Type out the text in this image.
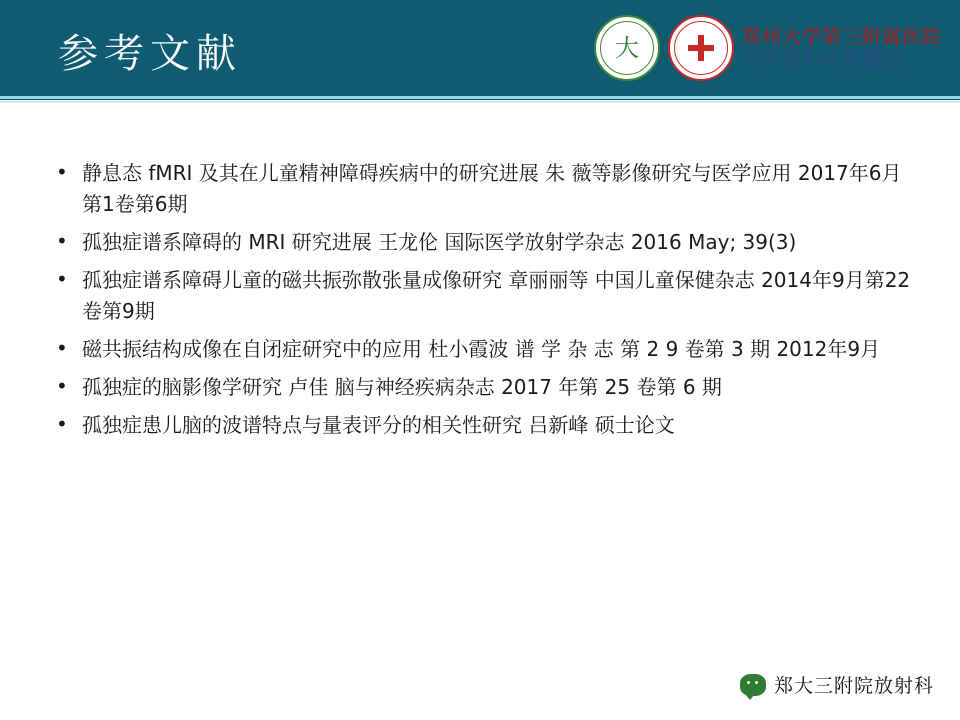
参考文献	大	郑州大学第三附属医院
河南省妇幼保健院
• 静息态 fMRI 及其在儿童精神障碍疾病中的研究进展 朱 薇等影像研究与医学应用 2017年6月 第1卷第6期
• 孤独症谱系障碍的 MRI 研究进展 王龙伦 国际医学放射学杂志 2016 May; 39(3)
• 孤独症谱系障碍儿童的磁共振弥散张量成像研究 章丽丽等 中国儿童保健杂志 2014年9月第22卷第9期
• 磁共振结构成像在自闭症研究中的应用 杜小霞波 谱 学 杂 志 第 2 9 卷第 3 期 2012年9月
• 孤独症的脑影像学研究 卢佳 脑与神经疾病杂志 2017 年第 25 卷第 6 期
• 孤独症患儿脑的波谱特点与量表评分的相关性研究 吕新峰 硕士论文
郑大三附院放射科
